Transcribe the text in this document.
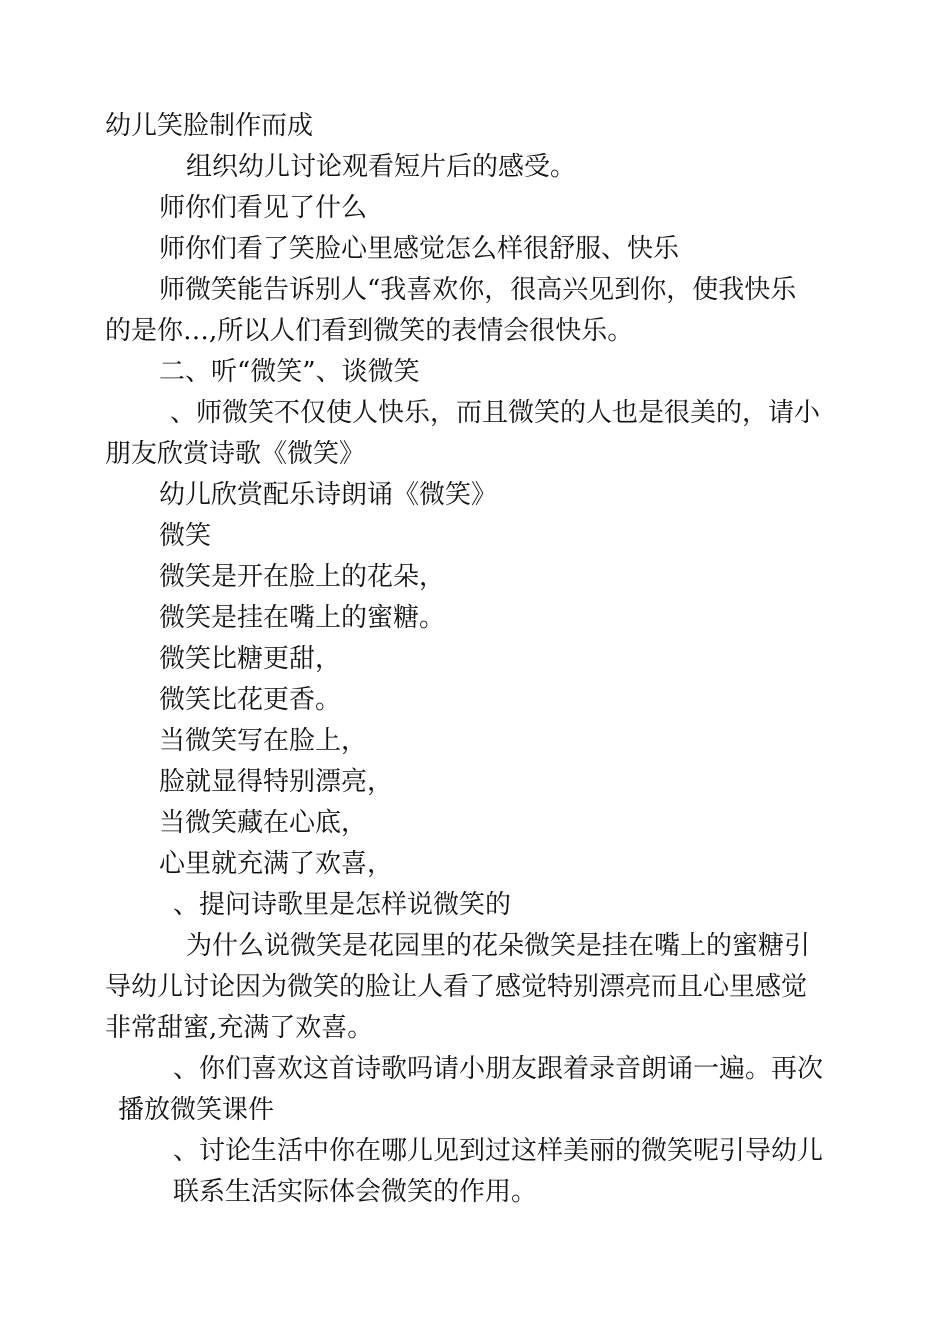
幼儿笑脸制作而成
组织幼儿讨论观看短片后的感受。
师你们看见了什么
师你们看了笑脸心里感觉怎么样很舒服、快乐
师微笑能告诉别人“我喜欢你，很高兴见到你，使我快乐
的是你…,所以人们看到微笑的表情会很快乐。
二、听“微笑”、谈微笑
、师微笑不仅使人快乐，而且微笑的人也是很美的，请小
朋友欣赏诗歌《微笑》
幼儿欣赏配乐诗朗诵《微笑》
微笑
微笑是开在脸上的花朵，
微笑是挂在嘴上的蜜糖。
微笑比糖更甜，
微笑比花更香。
当微笑写在脸上，
脸就显得特别漂亮，
当微笑藏在心底，
心里就充满了欢喜，
、提问诗歌里是怎样说微笑的
为什么说微笑是花园里的花朵微笑是挂在嘴上的蜜糖引
导幼儿讨论因为微笑的脸让人看了感觉特别漂亮而且心里感觉
非常甜蜜,充满了欢喜。
、你们喜欢这首诗歌吗请小朋友跟着录音朗诵一遍。再次
播放微笑课件
、讨论生活中你在哪儿见到过这样美丽的微笑呢引导幼儿
联系生活实际体会微笑的作用。
